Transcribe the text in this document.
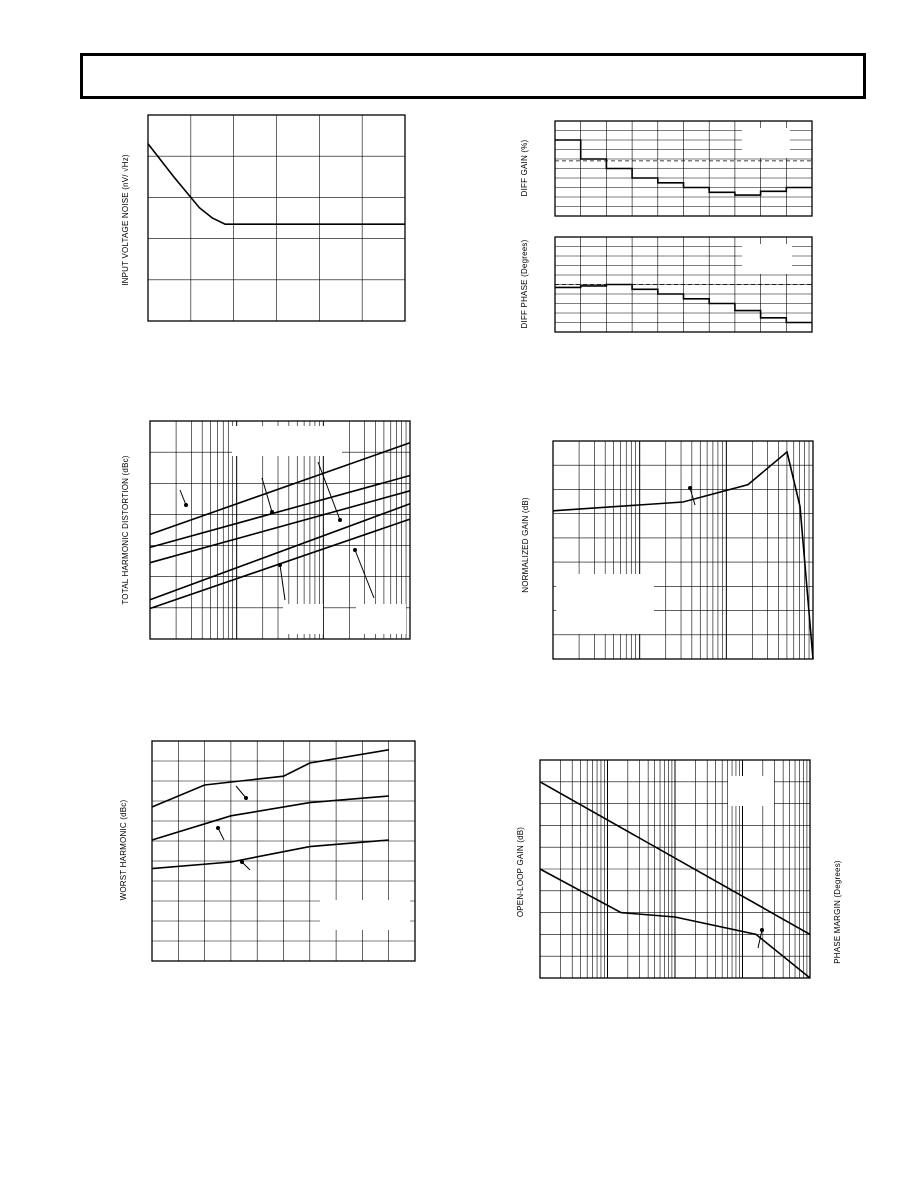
INPUT VOLTAGE NOISE (nV/ √Hz)	DIFF GAIN (%)
DIFF PHASE (Degrees)
TOTAL HARMONIC DISTORTION (dBc)	NORMALIZED GAIN (dB)
WORST HARMONIC (dBc)	OPEN-LOOP GAIN (dB)	PHASE MARGIN (Degrees)
